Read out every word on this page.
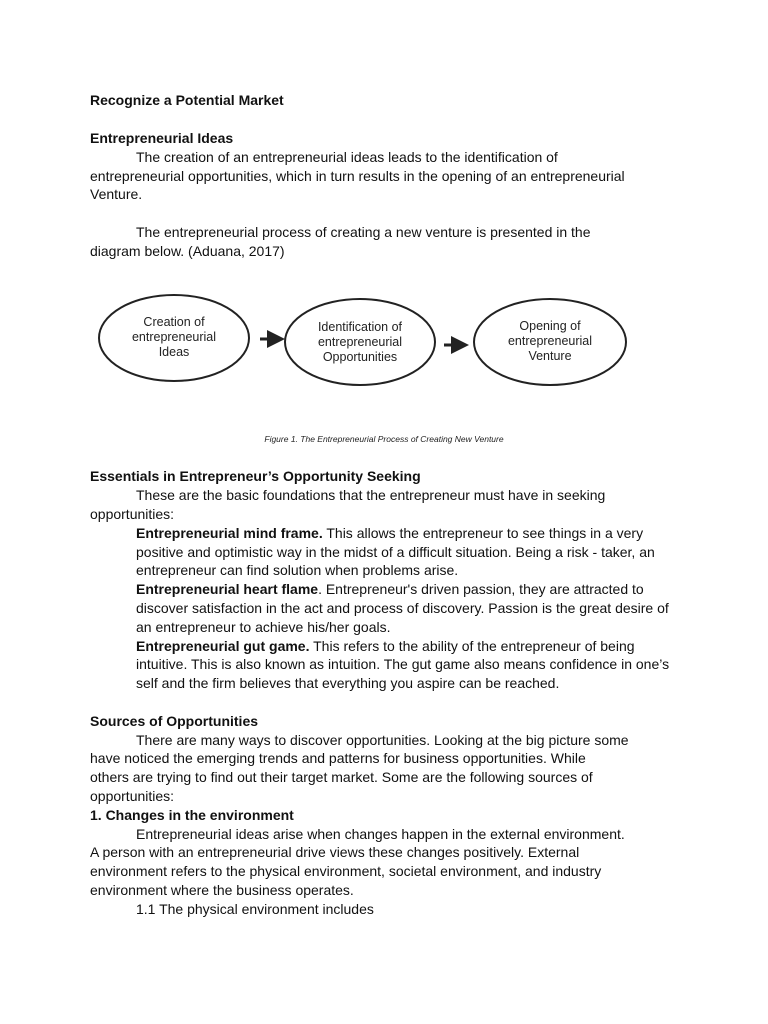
Recognize a Potential Market
Entrepreneurial Ideas
The creation of an entrepreneurial ideas leads to the identification of
entrepreneurial opportunities, which in turn results in the opening of an entrepreneurial
Venture.
The entrepreneurial process of creating a new venture is presented in the
diagram below. (Aduana, 2017)
Creation of
entrepreneurial
Ideas
Identification of
entrepreneurial
Opportunities
Opening of
entrepreneurial
Venture
Figure 1. The Entrepreneurial Process of Creating New Venture
Essentials in Entrepreneur’s Opportunity Seeking
These are the basic foundations that the entrepreneur must have in seeking
opportunities:
Entrepreneurial mind frame. This allows the entrepreneur to see things in a very
positive and optimistic way in the midst of a difficult situation. Being a risk - taker, an
entrepreneur can find solution when problems arise.
Entrepreneurial heart flame. Entrepreneur's driven passion, they are attracted to
discover satisfaction in the act and process of discovery. Passion is the great desire of
an entrepreneur to achieve his/her goals.
Entrepreneurial gut game. This refers to the ability of the entrepreneur of being
intuitive. This is also known as intuition. The gut game also means confidence in one’s
self and the firm believes that everything you aspire can be reached.
Sources of Opportunities
There are many ways to discover opportunities. Looking at the big picture some
have noticed the emerging trends and patterns for business opportunities. While
others are trying to find out their target market. Some are the following sources of
opportunities:
1. Changes in the environment
Entrepreneurial ideas arise when changes happen in the external environment.
A person with an entrepreneurial drive views these changes positively. External
environment refers to the physical environment, societal environment, and industry
environment where the business operates.
1.1 The physical environment includes
